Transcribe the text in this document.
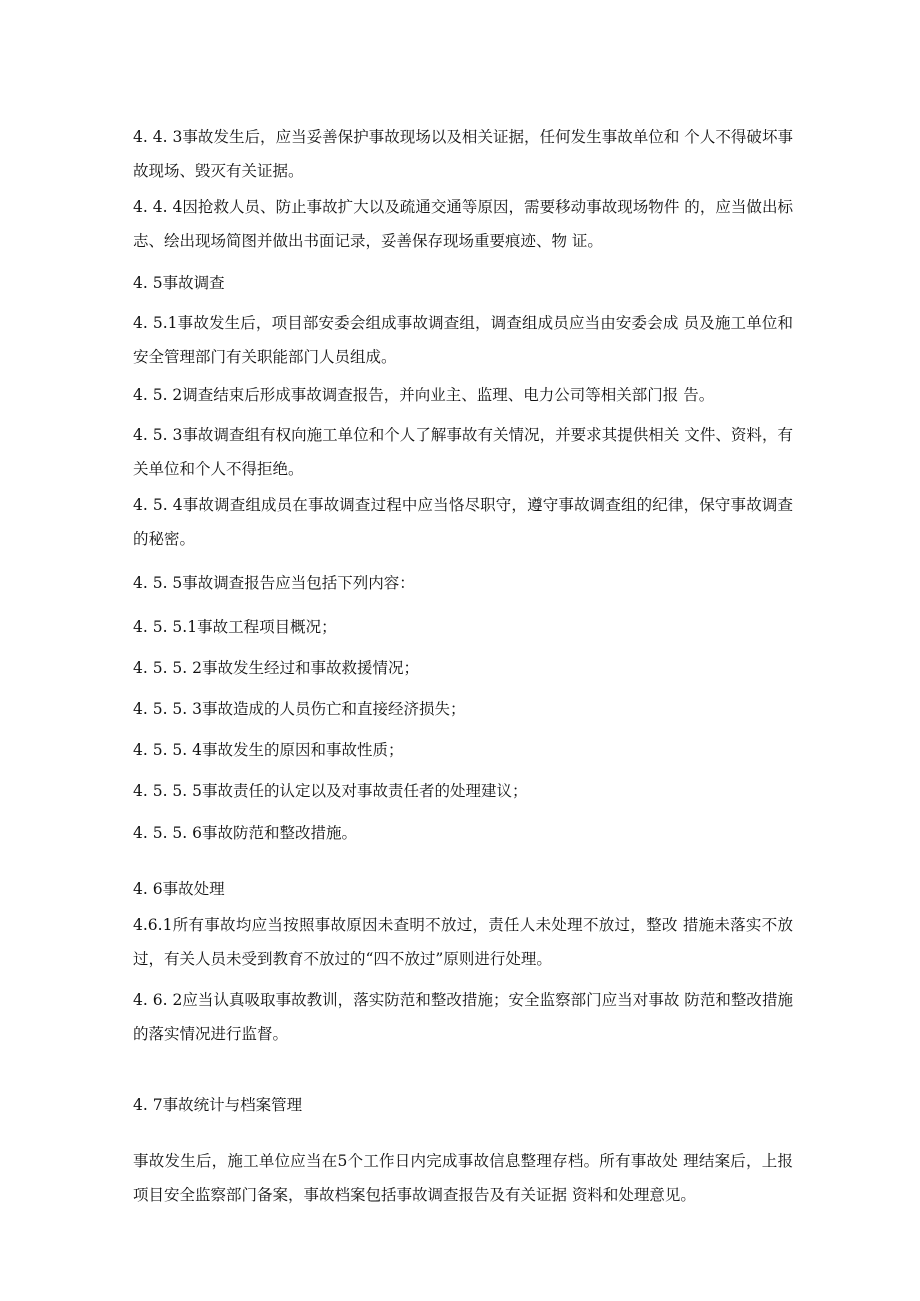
4. 4. 3事故发生后，应当妥善保护事故现场以及相关证据，任何发生事故单位和 个人不得破坏事故现场、毁灭有关证据。
4. 4. 4因抢救人员、防止事故扩大以及疏通交通等原因，需要移动事故现场物件 的，应当做出标志、绘出现场简图并做出书面记录，妥善保存现场重要痕迹、物 证。
4. 5事故调查
4. 5.1事故发生后，项目部安委会组成事故调查组，调查组成员应当由安委会成 员及施工单位和安全管理部门有关职能部门人员组成。
4. 5. 2调查结束后形成事故调查报告，并向业主、监理、电力公司等相关部门报 告。
4. 5. 3事故调查组有权向施工单位和个人了解事故有关情况，并要求其提供相关 文件、资料，有关单位和个人不得拒绝。
4. 5. 4事故调查组成员在事故调查过程中应当恪尽职守，遵守事故调查组的纪律，保守事故调查的秘密。
4. 5. 5事故调查报告应当包括下列内容：
4. 5. 5.1事故工程项目概况；
4. 5. 5. 2事故发生经过和事故救援情况；
4. 5. 5. 3事故造成的人员伤亡和直接经济损失；
4. 5. 5. 4事故发生的原因和事故性质；
4. 5. 5. 5事故责任的认定以及对事故责任者的处理建议；
4. 5. 5. 6事故防范和整改措施。
4. 6事故处理
4.6.1所有事故均应当按照事故原因未查明不放过，责任人未处理不放过，整改 措施未落实不放过，有关人员未受到教育不放过的“四不放过”原则进行处理。
4. 6. 2应当认真吸取事故教训，落实防范和整改措施；安全监察部门应当对事故 防范和整改措施的落实情况进行监督。
4. 7事故统计与档案管理
事故发生后，施工单位应当在5个工作日内完成事故信息整理存档。所有事故处 理结案后，上报项目安全监察部门备案，事故档案包括事故调查报告及有关证据 资料和处理意见。
